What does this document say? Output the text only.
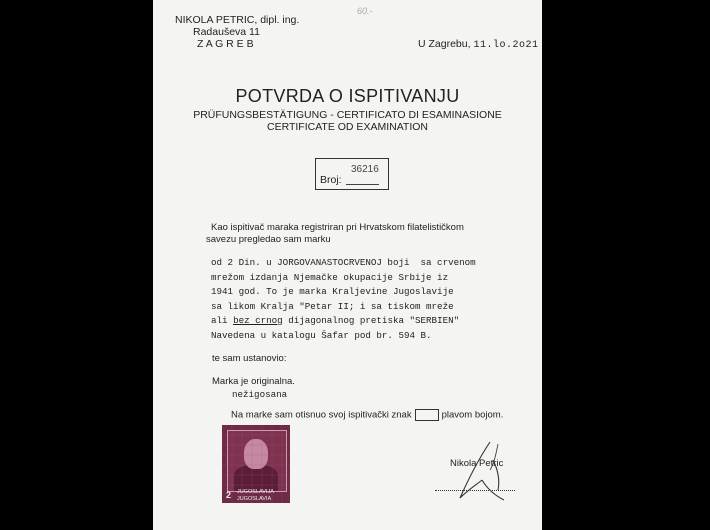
60.-
NIKOLA PETRIC, dipl. ing.
Radauševa 11
Z A G R E B	U Zagrebu, 11.lo.2o21
POTVRDA O ISPITIVANJU
PRÜFUNGSBESTÄTIGUNG - CERTIFICATO DI ESAMINASIONE
CERTIFICATE OD EXAMINATION
Broj:
36216
Kao ispitivač maraka registriran pri Hrvatskom filatelističkom
savezu pregledao sam marku
od 2 Din. u JORGOVANASTOCRVENOJ boji  sa crvenom
mrežom izdanja Njemačke okupacije Srbije iz
1941 god. To je marka Kraljevine Jugoslavije
sa likom Kralja "Petar II; i sa tiskom mreže
ali bez crnog dijagonalnog pretiska "SERBIEN"
Navedena u katalogu Šafar pod br. 594 B.
te sam ustanovio:
Marka je originalna.
nežigosana
Na marke sam otisnuo svoj ispitivački znak	plavom bojom.
2 JUGOSLAVIJA
JUGOSLAVIA
Nikola Petric
